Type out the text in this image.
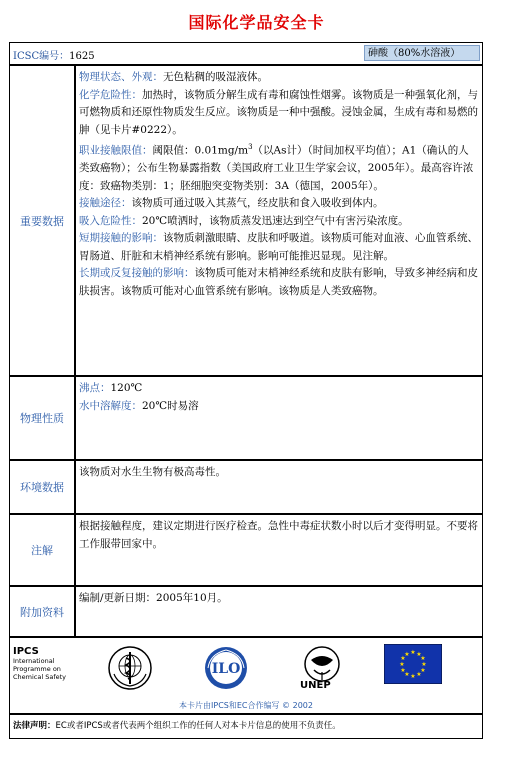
国际化学品安全卡
ICSC编号：1625	砷酸（80%水溶液）
重要数据
物理状态、外观：无色粘稠的吸湿液体。
化学危险性：加热时，该物质分解生成有毒和腐蚀性烟雾。该物质是一种强氧化剂，与可燃物质和还原性物质发生反应。该物质是一种中强酸。浸蚀金属，生成有毒和易燃的胂（见卡片#0222）。
职业接触限值：阈限值：$0.01mg/m^3$（以As计）（时间加权平均值）；A1（确认的人类致癌物）；公布生物暴露指数（美国政府工业卫生学家会议，2005年）。最高容许浓度：致癌物类别：1；胚细胞突变物类别：3A（德国，2005年）。
接触途径：该物质可通过吸入其蒸气，经皮肤和食入吸收到体内。
吸入危险性：20℃喷洒时，该物质蒸发迅速达到空气中有害污染浓度。
短期接触的影响：该物质刺激眼睛、皮肤和呼吸道。该物质可能对血液、心血管系统、胃肠道、肝脏和末梢神经系统有影响。影响可能推迟显现。见注解。
长期或反复接触的影响：该物质可能对末梢神经系统和皮肤有影响，导致多神经病和皮肤损害。该物质可能对心血管系统有影响。该物质是人类致癌物。
物理性质
沸点：120℃
水中溶解度：20℃时易溶
环境数据
该物质对水生生物有极高毒性。
注解
根据接触程度，建议定期进行医疗检查。急性中毒症状数小时以后才变得明显。不要将工作服带回家中。
附加资料
编制/更新日期：2005年10月。
IPCS
International
Programme on
Chemical Safety	ILO
UNEP
★ ★
★
★
★
★
★
★
★
★
★
★
本卡片由IPCS和EC合作编写 © 2002
法律声明：EC或者IPCS或者代表两个组织工作的任何人对本卡片信息的使用不负责任。
